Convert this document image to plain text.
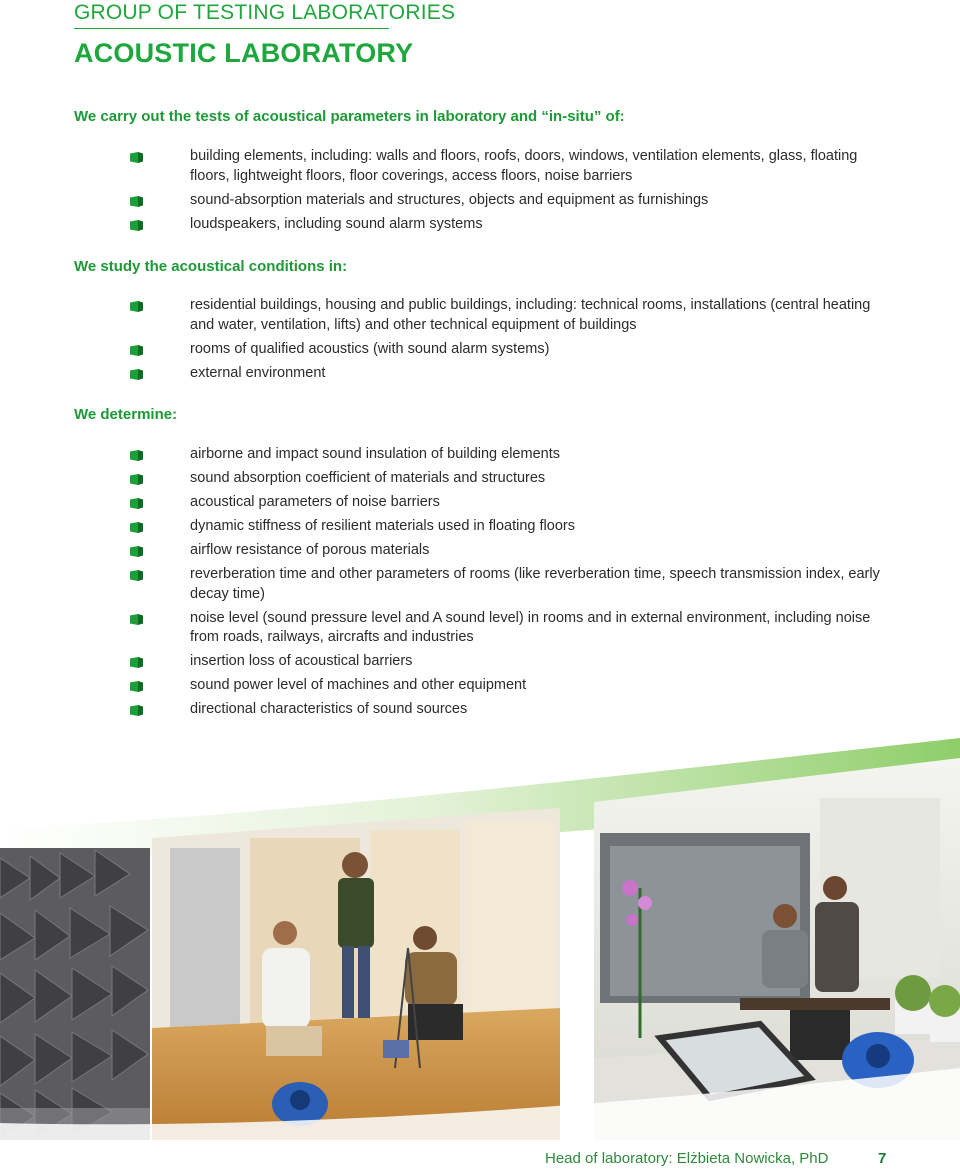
GROUP OF TESTING LABORATORIES
ACOUSTIC LABORATORY
We carry out the tests of acoustical parameters in laboratory and “in-situ” of:
building elements, including: walls and floors, roofs, doors, windows, ventilation elements, glass, floating floors, lightweight floors, floor coverings, access floors, noise barriers
sound-absorption materials and structures, objects and equipment as furnishings
loudspeakers, including sound alarm systems
We study the acoustical conditions in:
residential buildings, housing and public buildings, including: technical rooms, installations (central heating and water, ventilation, lifts) and other technical equipment of buildings
rooms of qualified acoustics (with sound alarm systems)
external environment
We determine:
airborne and impact sound insulation of building elements
sound absorption coefficient of materials and structures
acoustical parameters of noise barriers
dynamic stiffness of resilient materials used in floating floors
airflow resistance of porous materials
reverberation time and other parameters of rooms (like reverberation time, speech transmission index, early decay time)
noise level (sound pressure level and A sound level) in rooms and in external environment, including noise from roads, railways, aircrafts and industries
insertion loss of acoustical barriers
sound power level of machines and other equipment
directional characteristics of sound sources
Head of laboratory: Elżbieta Nowicka, PhD	7
